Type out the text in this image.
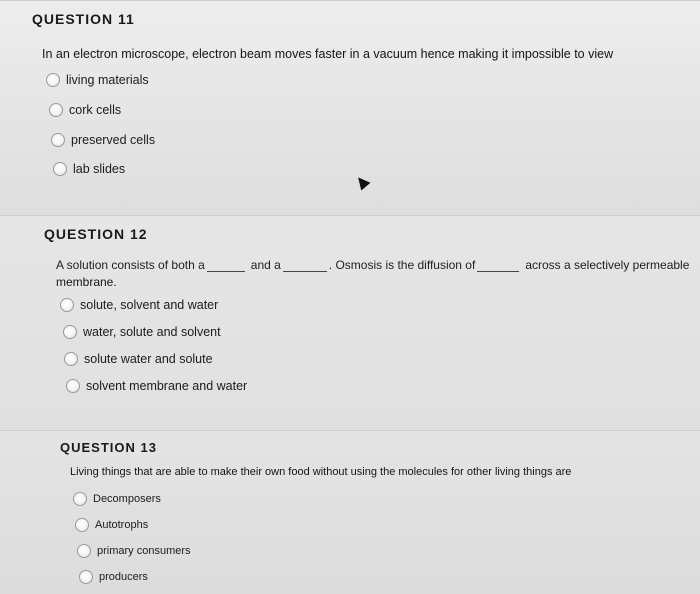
QUESTION 11
In an electron microscope, electron beam moves faster in a vacuum hence making it impossible to view
living materials
cork cells
preserved cells
lab slides
QUESTION 12
A solution consists of both a	and a	. Osmosis is the diffusion of	across a selectively permeable
membrane.
solute, solvent and water
water, solute and solvent
solute water and solute
solvent membrane and water
QUESTION 13
Living things that are able to make their own food without using the molecules for other living things are
Decomposers
Autotrophs
primary consumers
producers
